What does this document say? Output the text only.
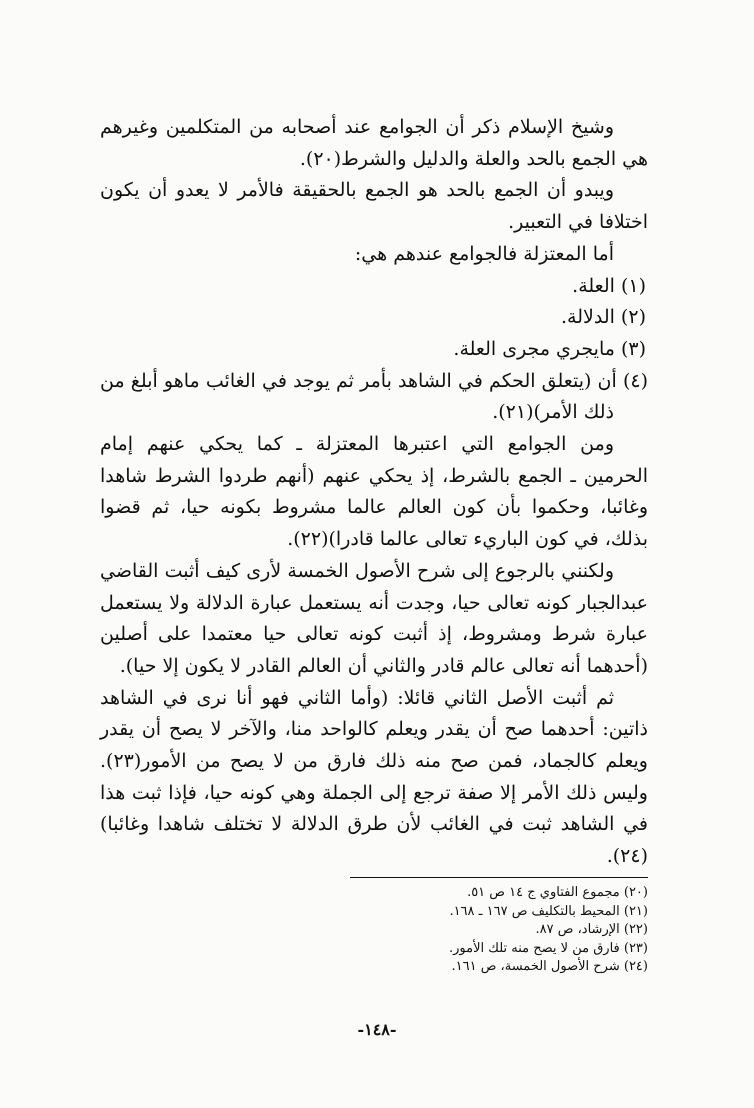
وشيخ الإسلام ذكر أن الجوامع عند أصحابه من المتكلمين وغيرهم هي الجمع بالحد والعلة والدليل والشرط(٢٠).

ويبدو أن الجمع بالحد هو الجمع بالحقيقة فالأمر لا يعدو أن يكون اختلافا في التعبير.

أما المعتزلة فالجوامع عندهم هي:

(١) العلة.

(٢) الدلالة.

(٣) مايجري مجرى العلة.

(٤) أن (يتعلق الحكم في الشاهد بأمر ثم يوجد في الغائب ماهو أبلغ من ذلك الأمر)(٢١).

ومن الجوامع التي اعتبرها المعتزلة ـ كما يحكي عنهم إمام الحرمين ـ الجمع بالشرط، إذ يحكي عنهم (أنهم طردوا الشرط شاهدا وغائبا، وحكموا بأن كون العالم عالما مشروط بكونه حيا، ثم قضوا بذلك، في كون الباريء تعالى عالما قادرا)(٢٢).

ولكنني بالرجوع إلى شرح الأصول الخمسة لأرى كيف أثبت القاضي عبدالجبار كونه تعالى حيا، وجدت أنه يستعمل عبارة الدلالة ولا يستعمل عبارة شرط ومشروط، إذ أثبت كونه تعالى حيا معتمدا على أصلين (أحدهما أنه تعالى عالم قادر والثاني أن العالم القادر لا يكون إلا حيا).

ثم أثبت الأصل الثاني قائلا: (وأما الثاني فهو أنا نرى في الشاهد ذاتين: أحدهما صح أن يقدر ويعلم كالواحد منا، والآخر لا يصح أن يقدر ويعلم كالجماد، فمن صح منه ذلك فارق من لا يصح من الأمور(٢٣). وليس ذلك الأمر إلا صفة ترجع إلى الجملة وهي كونه حيا، فإذا ثبت هذا في الشاهد ثبت في الغائب لأن طرق الدلالة لا تختلف شاهدا وغائبا)(٢٤).

(٢٠) مجموع الفتاوي ج ١٤ ص ٥١.
(٢١) المحيط بالتكليف ص ١٦٧ ـ ١٦٨.
(٢٢) الإرشاد، ص ٨٧.
(٢٣) فارق من لا يصح منه تلك الأمور.
(٢٤) شرح الأصول الخمسة، ص ١٦١.
-١٤٨-
